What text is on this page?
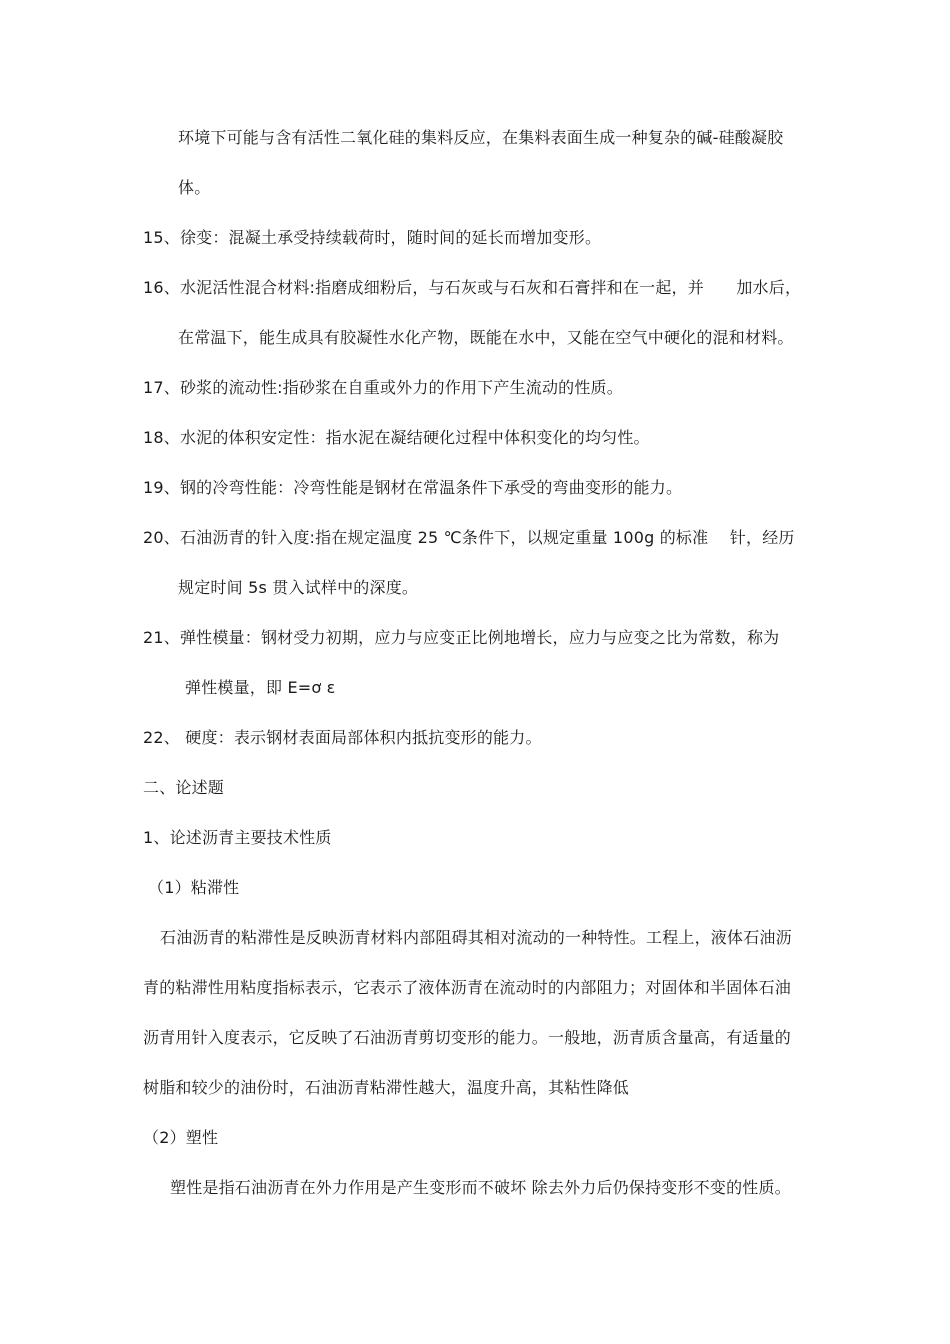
环境下可能与含有活性二氧化硅的集料反应，在集料表面生成一种复杂的碱-硅酸凝胶
体。
15、徐变：混凝土承受持续载荷时，随时间的延长而增加变形。
16、水泥活性混合材料:指磨成细粉后，与石灰或与石灰和石膏拌和在一起，并　　加水后，
在常温下，能生成具有胶凝性水化产物，既能在水中，又能在空气中硬化的混和材料。
17、砂浆的流动性:指砂浆在自重或外力的作用下产生流动的性质。
18、水泥的体积安定性：指水泥在凝结硬化过程中体积变化的均匀性。
19、钢的冷弯性能：冷弯性能是钢材在常温条件下承受的弯曲变形的能力。
20、石油沥青的针入度:指在规定温度 25 ℃条件下，以规定重量 100g 的标准　 针，经历
规定时间 5s 贯入试样中的深度。
21、弹性模量：钢材受力初期，应力与应变正比例地增长，应力与应变之比为常数，称为
弹性模量，即 E=ơ ε
22、 硬度：表示钢材表面局部体积内抵抗变形的能力。
二、论述题
1、论述沥青主要技术性质
（1）粘滞性
石油沥青的粘滞性是反映沥青材料内部阻碍其相对流动的一种特性。工程上，液体石油沥
青的粘滞性用粘度指标表示，它表示了液体沥青在流动时的内部阻力；对固体和半固体石油
沥青用针入度表示，它反映了石油沥青剪切变形的能力。一般地，沥青质含量高，有适量的
树脂和较少的油份时，石油沥青粘滞性越大，温度升高，其粘性降低
（2）塑性
塑性是指石油沥青在外力作用是产生变形而不破坏 除去外力后仍保持变形不变的性质。
